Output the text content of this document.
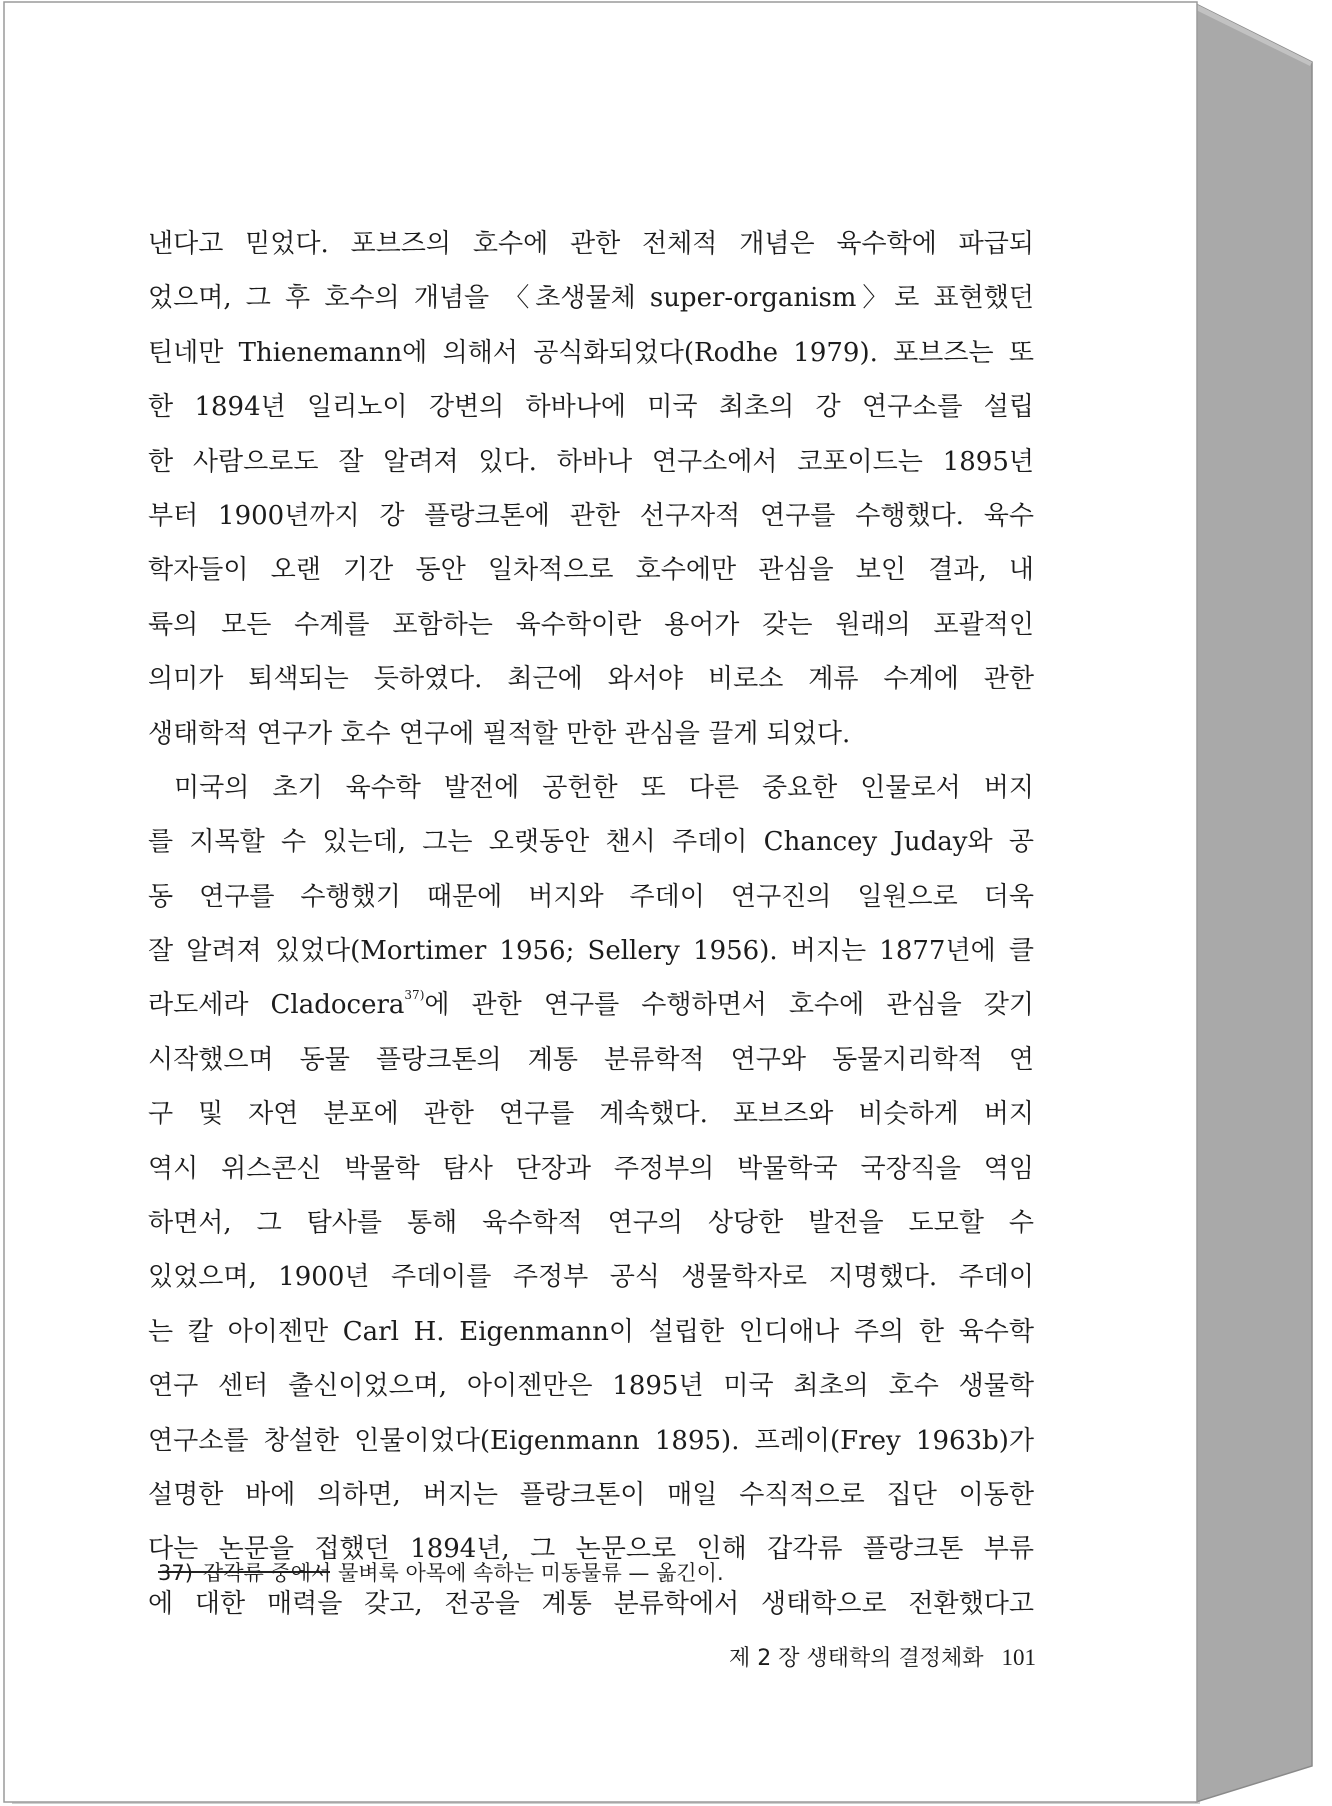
낸다고 믿었다. 포브즈의 호수에 관한 전체적 개념은 육수학에 파급되
었으며, 그 후 호수의 개념을 〈초생물체 super-organism〉로 표현했던
틴네만 Thienemann에 의해서 공식화되었다(Rodhe 1979). 포브즈는 또
한 1894년 일리노이 강변의 하바나에 미국 최초의 강 연구소를 설립
한 사람으로도 잘 알려져 있다. 하바나 연구소에서 코포이드는 1895년
부터 1900년까지 강 플랑크톤에 관한 선구자적 연구를 수행했다. 육수
학자들이 오랜 기간 동안 일차적으로 호수에만 관심을 보인 결과, 내
륙의 모든 수계를 포함하는 육수학이란 용어가 갖는 원래의 포괄적인
의미가 퇴색되는 듯하였다. 최근에 와서야 비로소 계류 수계에 관한
생태학적 연구가 호수 연구에 필적할 만한 관심을 끌게 되었다.
미국의 초기 육수학 발전에 공헌한 또 다른 중요한 인물로서 버지
를 지목할 수 있는데, 그는 오랫동안 챈시 주데이 Chancey Juday와 공
동 연구를 수행했기 때문에 버지와 주데이 연구진의 일원으로 더욱
잘 알려져 있었다(Mortimer 1956; Sellery 1956). 버지는 1877년에 클
라도세라 Cladocera$^{37)}$에 관한 연구를 수행하면서 호수에 관심을 갖기
시작했으며 동물 플랑크톤의 계통 분류학적 연구와 동물지리학적 연
구 및 자연 분포에 관한 연구를 계속했다. 포브즈와 비슷하게 버지
역시 위스콘신 박물학 탐사 단장과 주정부의 박물학국 국장직을 역임
하면서, 그 탐사를 통해 육수학적 연구의 상당한 발전을 도모할 수
있었으며, 1900년 주데이를 주정부 공식 생물학자로 지명했다. 주데이
는 칼 아이젠만 Carl H. Eigenmann이 설립한 인디애나 주의 한 육수학
연구 센터 출신이었으며, 아이젠만은 1895년 미국 최초의 호수 생물학
연구소를 창설한 인물이었다(Eigenmann 1895). 프레이(Frey 1963b)가
설명한 바에 의하면, 버지는 플랑크톤이 매일 수직적으로 집단 이동한
다는 논문을 접했던 1894년, 그 논문으로 인해 갑각류 플랑크톤 부류
에 대한 매력을 갖고, 전공을 계통 분류학에서 생태학으로 전환했다고
37) 갑각류 중에서 물벼룩 아목에 속하는 미동물류 — 옮긴이.
제 2 장 생태학의 결정체화 101
